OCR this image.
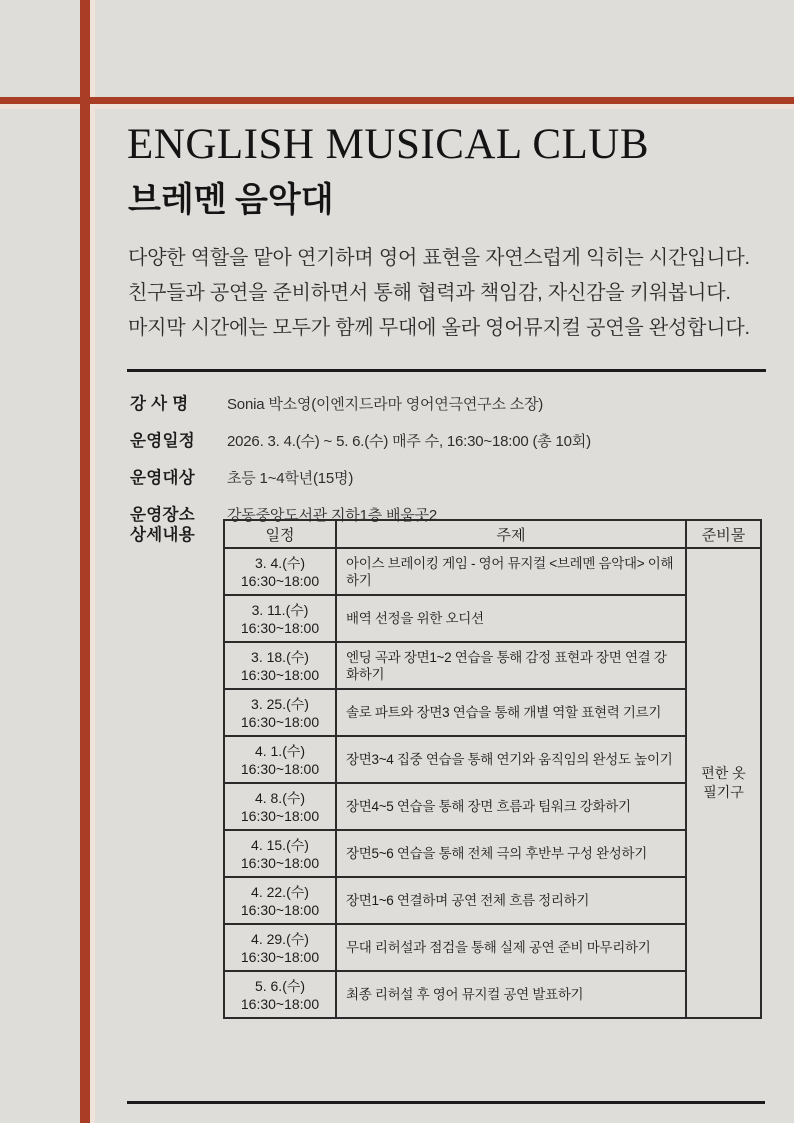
ENGLISH MUSICAL CLUB
브레멘 음악대
다양한 역할을 맡아 연기하며 영어 표현을 자연스럽게 익히는 시간입니다.
친구들과 공연을 준비하면서 통해 협력과 책임감, 자신감을 키워봅니다.
마지막 시간에는 모두가 함께 무대에 올라 영어뮤지컬 공연을 완성합니다.
강 사 명	Sonia 박소영(이엔지드라마 영어연극연구소 소장)
운영일정	2026. 3. 4.(수) ~ 5. 6.(수) 매주 수, 16:30~18:00 (총 10회)
운영대상	초등 1~4학년(15명)
운영장소	강동중앙도서관 지하1층 배움곳2
상세내용	일정	주제	준비물

3. 4.(수)
16:30~18:00
	아이스 브레이킹 게임 - 영어 뮤지컬 <브레멘 음악대> 이해하기	
편한 옷
필기구

3. 11.(수)
16:30~18:00	배역 선정을 위한 오디션	

3. 18.(수)
16:30~18:00	엔딩 곡과 장면1~2 연습을 통해 감정 표현과 장면 연결 강화하기	

3. 25.(수)
16:30~18:00	솔로 파트와 장면3 연습을 통해 개별 역할 표현력 기르기	

4. 1.(수)
16:30~18:00	장면3~4 집중 연습을 통해 연기와 움직임의 완성도 높이기	

4. 8.(수)
16:30~18:00	장면4~5 연습을 통해 장면 흐름과 팀워크 강화하기	

4. 15.(수)
16:30~18:00	장면5~6 연습을 통해 전체 극의 후반부 구성 완성하기	

4. 22.(수)
16:30~18:00	장면1~6 연결하며 공연 전체 흐름 정리하기	

4. 29.(수)
16:30~18:00	무대 리허설과 점검을 통해 실제 공연 준비 마무리하기	

5. 6.(수)
16:30~18:00	최종 리허설 후 영어 뮤지컬 공연 발표하기	
